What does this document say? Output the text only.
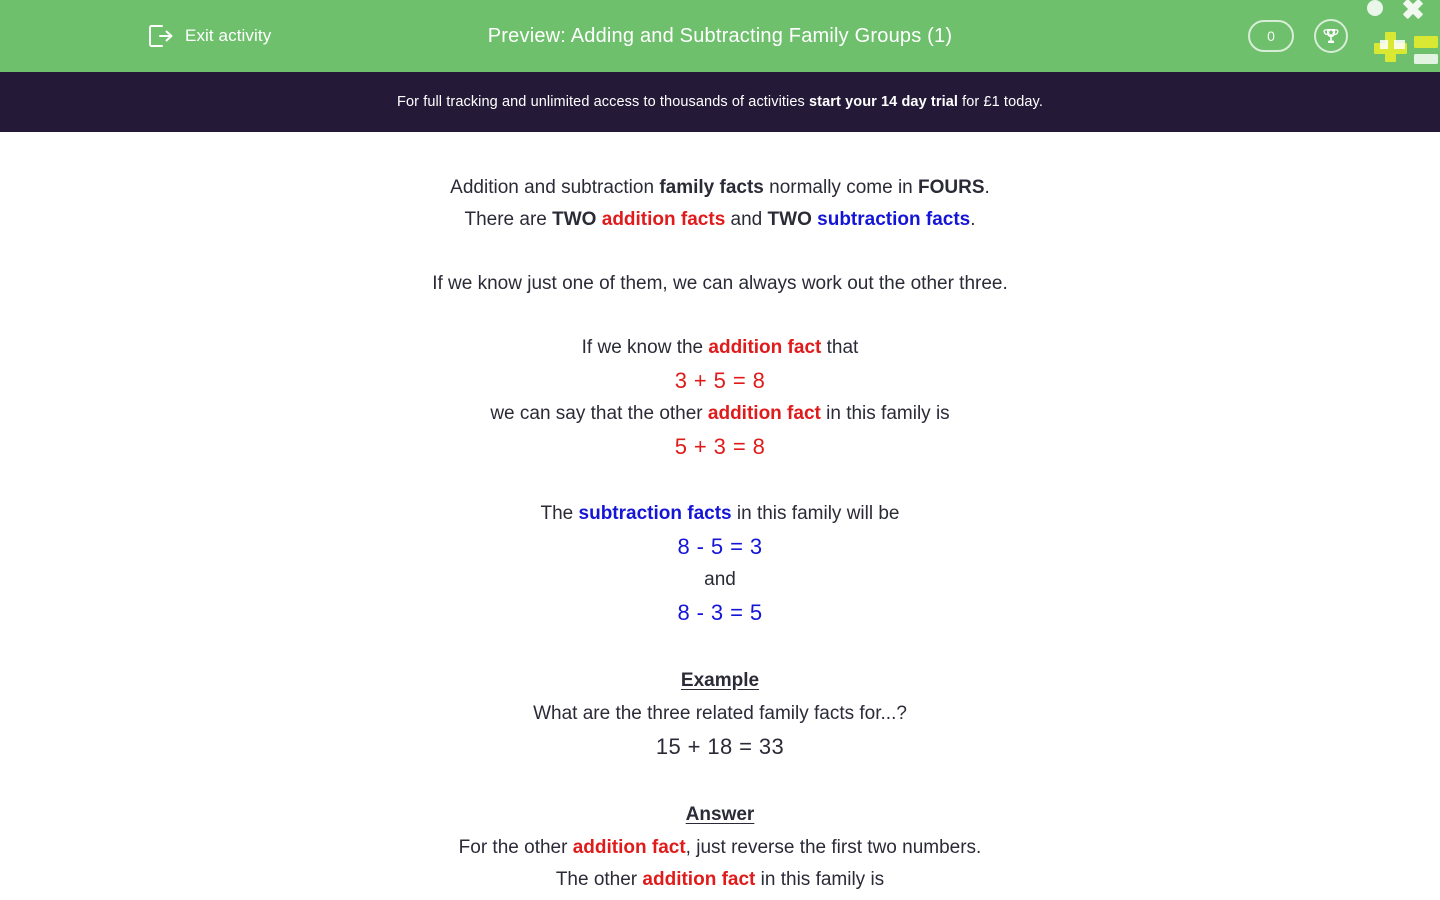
Exit activity	Preview: Adding and Subtracting Family Groups (1)	0
For full tracking and unlimited access to thousands of activities start your 14 day trial for £1 today.
Addition and subtraction family facts normally come in FOURS.
There are TWO addition facts and TWO subtraction facts.
If we know just one of them, we can always work out the other three.
If we know the addition fact that
3 + 5 = 8
we can say that the other addition fact in this family is
5 + 3 = 8
The subtraction facts in this family will be
8 - 5 = 3
and
8 - 3 = 5
Example
What are the three related family facts for...?
15 + 18 = 33
Answer
For the other addition fact, just reverse the first two numbers.
The other addition fact in this family is
